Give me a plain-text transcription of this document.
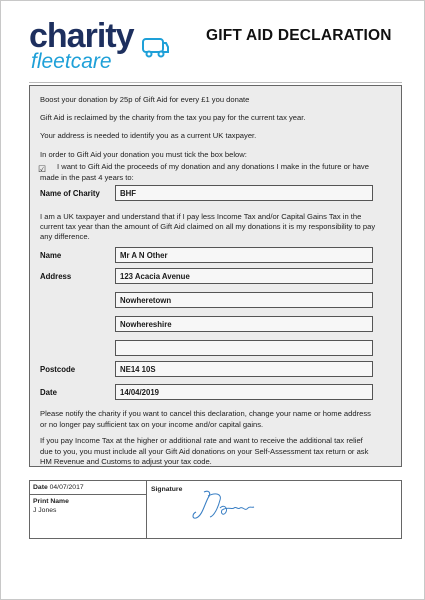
charity
fleetcare
GIFT AID DECLARATION
Boost your donation by 25p of Gift Aid for every £1 you donate
Gift Aid is reclaimed by the charity from the tax you pay for the current tax year.
Your address is needed to identify you as a current UK taxpayer.
In order to Gift Aid your donation you must tick the box below:
☑ I want to Gift Aid the proceeds of my donation and any donations I make in the future or have
made in the past 4 years to:
Name of Charity	BHF
I am a UK taxpayer and understand that if I pay less Income Tax and/or Capital Gains Tax in the
current tax year than the amount of Gift Aid claimed on all my donations it is my responsibility to pay
any difference.
Name	Mr A N Other
Address	123 Acacia Avenue
Nowheretown
Nowhereshire
Postcode	NE14 10S
Date	14/04/2019
Please notify the charity if you want to cancel this declaration, change your name or home address
or no longer pay sufficient tax on your income and/or capital gains.
If you pay Income Tax at the higher or additional rate and want to receive the additional tax relief
due to you, you must include all your Gift Aid donations on your Self-Assessment tax return or ask
HM Revenue and Customs to adjust your tax code.
Date 04/07/2017
Print Name
J Jones
Signature
